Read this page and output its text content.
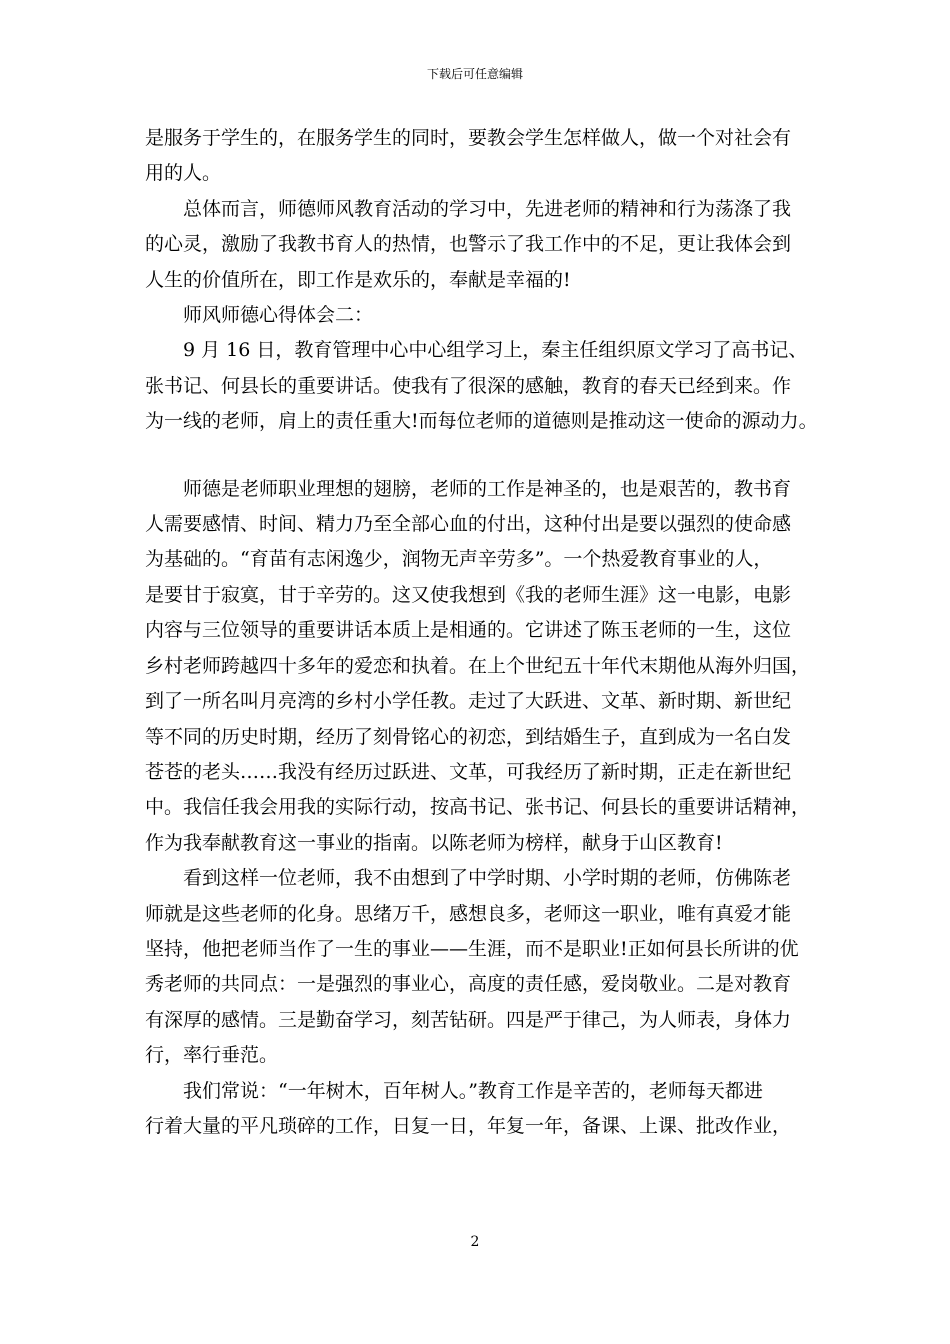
下载后可任意编辑

是服务于学生的，在服务学生的同时，要教会学生怎样做人，做一个对社会有

用的人。

　　总体而言，师德师风教育活动的学习中，先进老师的精神和行为荡涤了我

的心灵，激励了我教书育人的热情，也警示了我工作中的不足，更让我体会到

人生的价值所在，即工作是欢乐的，奉献是幸福的!

　　师风师德心得体会二：

　　9 月 16 日，教育管理中心中心组学习上，秦主任组织原文学习了高书记、

张书记、何县长的重要讲话。使我有了很深的感触，教育的春天已经到来。作

为一线的老师，肩上的责任重大!而每位老师的道德则是推动这一使命的源动力。

　　师德是老师职业理想的翅膀，老师的工作是神圣的，也是艰苦的，教书育

人需要感情、时间、精力乃至全部心血的付出，这种付出是要以强烈的使命感

为基础的。“育苗有志闲逸少，润物无声辛劳多”。一个热爱教育事业的人，

是要甘于寂寞，甘于辛劳的。这又使我想到《我的老师生涯》这一电影，电影

内容与三位领导的重要讲话本质上是相通的。它讲述了陈玉老师的一生，这位

乡村老师跨越四十多年的爱恋和执着。在上个世纪五十年代末期他从海外归国，

到了一所名叫月亮湾的乡村小学任教。走过了大跃进、文革、新时期、新世纪

等不同的历史时期，经历了刻骨铭心的初恋，到结婚生子，直到成为一名白发

苍苍的老头……我没有经历过跃进、文革，可我经历了新时期，正走在新世纪

中。我信任我会用我的实际行动，按高书记、张书记、何县长的重要讲话精神，

作为我奉献教育这一事业的指南。以陈老师为榜样，献身于山区教育!

　　看到这样一位老师，我不由想到了中学时期、小学时期的老师，仿佛陈老

师就是这些老师的化身。思绪万千，感想良多，老师这一职业，唯有真爱才能

坚持，他把老师当作了一生的事业——生涯，而不是职业!正如何县长所讲的优

秀老师的共同点：一是强烈的事业心，高度的责任感，爱岗敬业。二是对教育

有深厚的感情。三是勤奋学习，刻苦钻研。四是严于律己，为人师表，身体力

行，率行垂范。

　　我们常说：“一年树木，百年树人。”教育工作是辛苦的，老师每天都进

行着大量的平凡琐碎的工作，日复一日，年复一年，备课、上课、批改作业，

2
